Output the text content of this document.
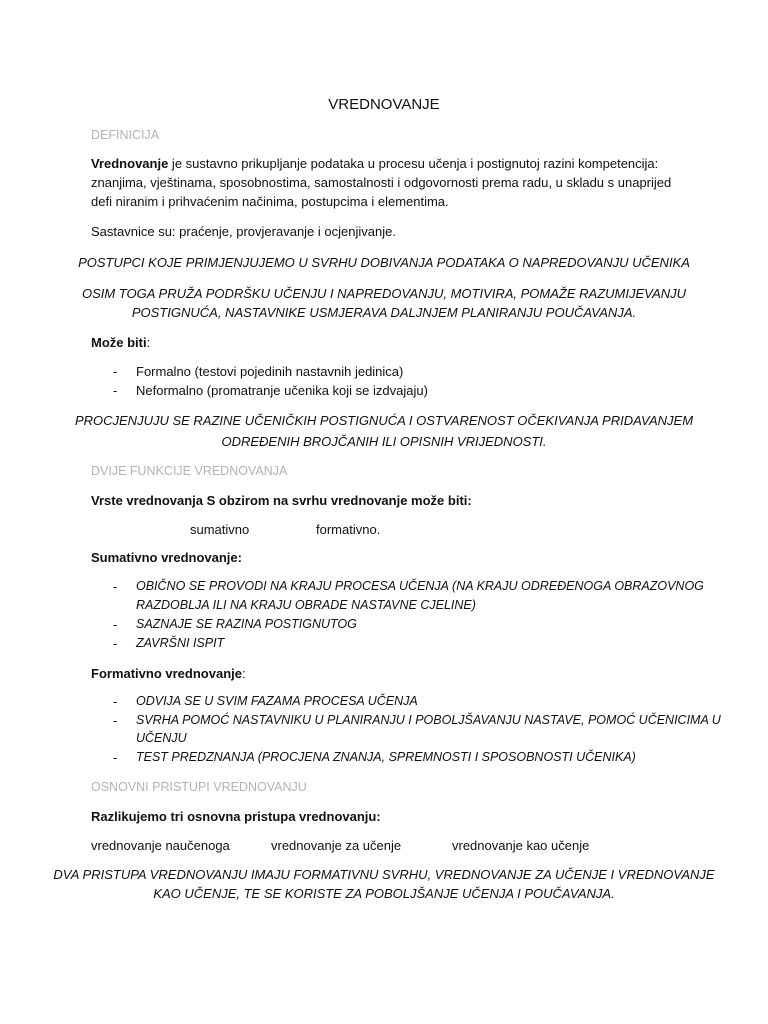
VREDNOVANJE
DEFINICIJA
Vrednovanje je sustavno prikupljanje podataka u procesu učenja i postignutoj razini kompetencija:
znanjima, vještinama, sposobnostima, samostalnosti i odgovornosti prema radu, u skladu s unaprijed
defi niranim i prihvaćenim načinima, postupcima i elementima.
Sastavnice su: praćenje, provjeravanje i ocjenjivanje.
POSTUPCI KOJE PRIMJENJUJEMO U SVRHU DOBIVANJA PODATAKA O NAPREDOVANJU UČENIKA
OSIM TOGA PRUŽA PODRŠKU UČENJU I NAPREDOVANJU, MOTIVIRA, POMAŽE RAZUMIJEVANJU
POSTIGNUĆA, NASTAVNIKE USMJERAVA DALJNJEM PLANIRANJU POUČAVANJA.
Može biti:
- Formalno (testovi pojedinih nastavnih jedinica)
- Neformalno (promatranje učenika koji se izdvajaju)
PROCJENJUJU SE RAZINE UČENIČKIH POSTIGNUĆA I OSTVARENOST OČEKIVANJA PRIDAVANJEM
ODREĐENIH BROJČANIH ILI OPISNIH VRIJEDNOSTI.
DVIJE FUNKCIJE VREDNOVANJA
Vrste vrednovanja S obzirom na svrhu vrednovanje može biti:
sumativno	formativno.
Sumativno vrednovanje:
- OBIČNO SE PROVODI NA KRAJU PROCESA UČENJA (NA KRAJU ODREĐENOGA OBRAZOVNOG
RAZDOBLJA ILI NA KRAJU OBRADE NASTAVNE CJELINE)
- SAZNAJE SE RAZINA POSTIGNUTOG
- ZAVRŠNI ISPIT
Formativno vrednovanje:
- ODVIJA SE U SVIM FAZAMA PROCESA UČENJA
- SVRHA POMOĆ NASTAVNIKU U PLANIRANJU I POBOLJŠAVANJU NASTAVE, POMOĆ UČENICIMA U
UČENJU
- TEST PREDZNANJA (PROCJENA ZNANJA, SPREMNOSTI I SPOSOBNOSTI UČENIKA)
OSNOVNI PRISTUPI VREDNOVANJU
Razlikujemo tri osnovna pristupa vrednovanju:
vrednovanje naučenoga	vrednovanje za učenje	vrednovanje kao učenje
DVA PRISTUPA VREDNOVANJU IMAJU FORMATIVNU SVRHU, VREDNOVANJE ZA UČENJE I VREDNOVANJE
KAO UČENJE, TE SE KORISTE ZA POBOLJŠANJE UČENJA I POUČAVANJA.
